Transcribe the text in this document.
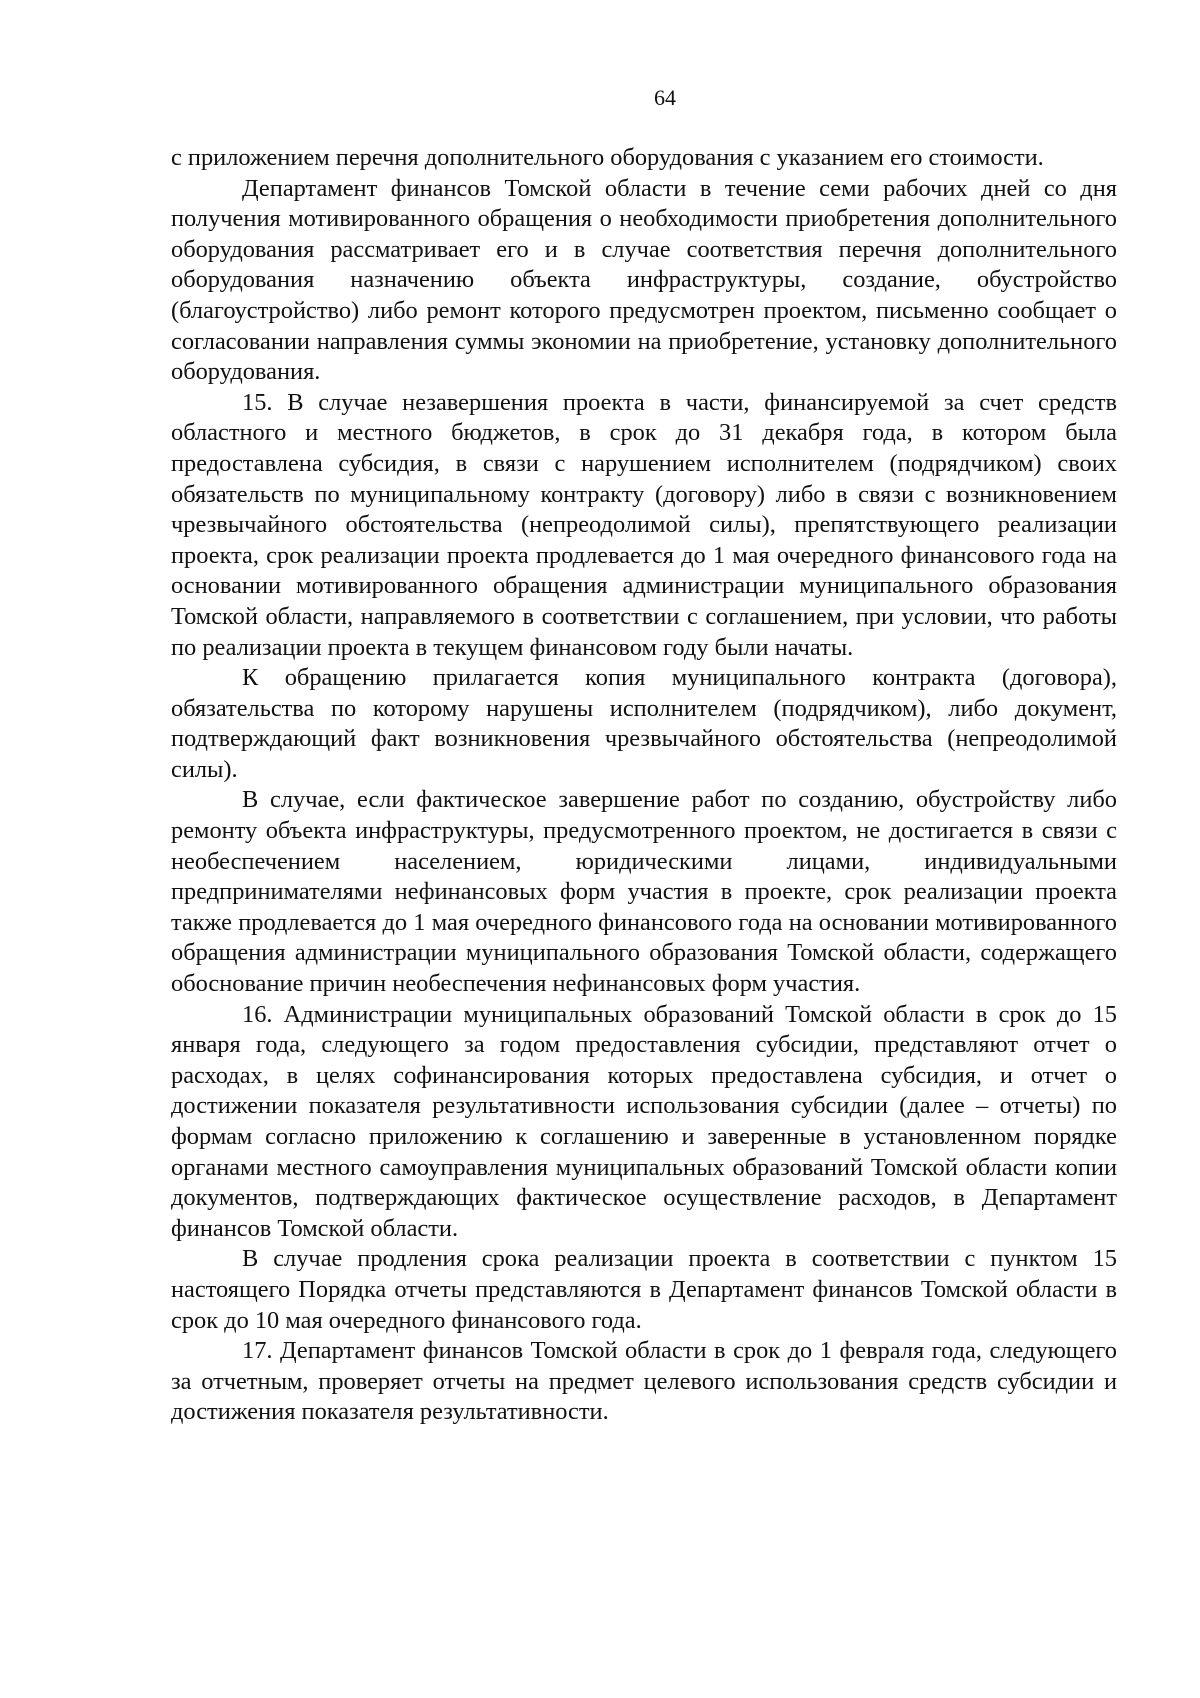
64

с приложением перечня дополнительного оборудования с указанием его стоимости.

Департамент финансов Томской области в течение семи рабочих дней со дня получения мотивированного обращения о необходимости приобретения дополнительного оборудования рассматривает его и в случае соответствия перечня дополнительного оборудования назначению объекта инфраструктуры, создание, обустройство (благоустройство) либо ремонт которого предусмотрен проектом, письменно сообщает о согласовании направления суммы экономии на приобретение, установку дополнительного оборудования.

15. В случае незавершения проекта в части, финансируемой за счет средств областного и местного бюджетов, в срок до 31 декабря года, в котором была предоставлена субсидия, в связи с нарушением исполнителем (подрядчиком) своих обязательств по муниципальному контракту (договору) либо в связи с возникновением чрезвычайного обстоятельства (непреодолимой силы), препятствующего реализации проекта, срок реализации проекта продлевается до 1 мая очередного финансового года на основании мотивированного обращения администрации муниципального образования Томской области, направляемого в соответствии с соглашением, при условии, что работы по реализации проекта в текущем финансовом году были начаты.

К обращению прилагается копия муниципального контракта (договора), обязательства по которому нарушены исполнителем (подрядчиком), либо документ, подтверждающий факт возникновения чрезвычайного обстоятельства (непреодолимой силы).

В случае, если фактическое завершение работ по созданию, обустройству либо ремонту объекта инфраструктуры, предусмотренного проектом, не достигается в связи с необеспечением населением, юридическими лицами, индивидуальными предпринимателями нефинансовых форм участия в проекте, срок реализации проекта также продлевается до 1 мая очередного финансового года на основании мотивированного обращения администрации муниципального образования Томской области, содержащего обоснование причин необеспечения нефинансовых форм участия.

16. Администрации муниципальных образований Томской области в срок до 15 января года, следующего за годом предоставления субсидии, представляют отчет о расходах, в целях софинансирования которых предоставлена субсидия, и отчет о достижении показателя результативности использования субсидии (далее – отчеты) по формам согласно приложению к соглашению и заверенные в установленном порядке органами местного самоуправления муниципальных образований Томской области копии документов, подтверждающих фактическое осуществление расходов, в Департамент финансов Томской области.

В случае продления срока реализации проекта в соответствии с пунктом 15 настоящего Порядка отчеты представляются в Департамент финансов Томской области в срок до 10 мая очередного финансового года.

17. Департамент финансов Томской области в срок до 1 февраля года, следующего за отчетным, проверяет отчеты на предмет целевого использования средств субсидии и достижения показателя результативности.
